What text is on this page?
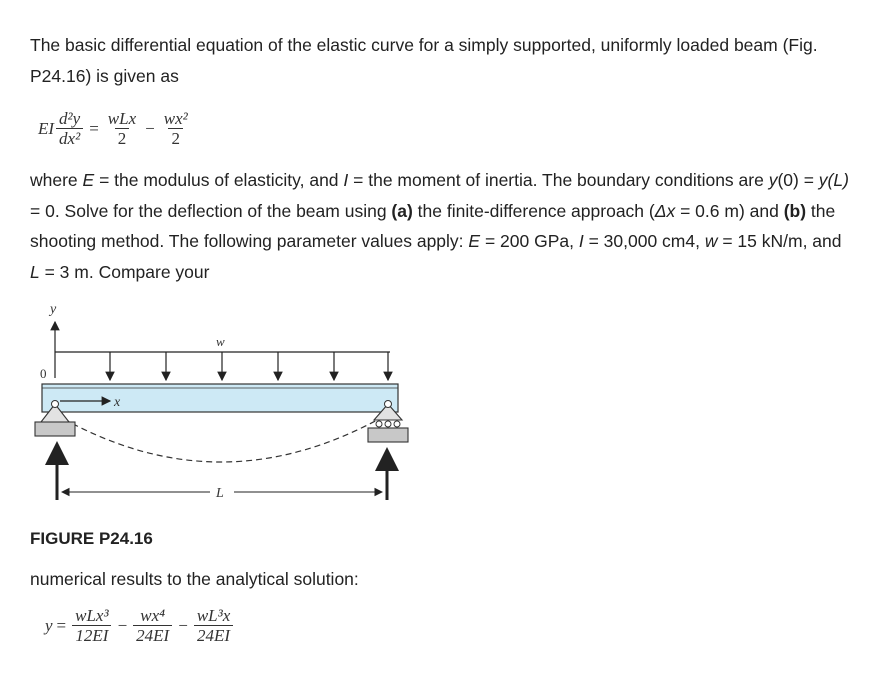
The basic differential equation of the elastic curve for a simply supported, uniformly loaded beam (Fig. P24.16) is given as

EI $\frac{\text{d²y}}{\text{dx²}} = \frac{\text{wLx}}{2} - \frac{\text{wx²}}{2}$

where E = the modulus of elasticity, and I = the moment of inertia. The boundary conditions are y(0) = y(L) = 0. Solve for the deflection of the beam using (a) the finite-difference approach (Δx = 0.6 m) and (b) the shooting method. The following parameter values apply: E = 200 GPa, I = 30,000 cm4, w = 15 kN/m, and L = 3 m. Compare your

y
0
w
x
L
FIGURE P24.16

numerical results to the analytical solution:

$y = \frac{\text{wLx³}}{12EI} - \frac{\text{wx⁴}}{24EI} - \frac{\text{wL³x}}{24EI}$
